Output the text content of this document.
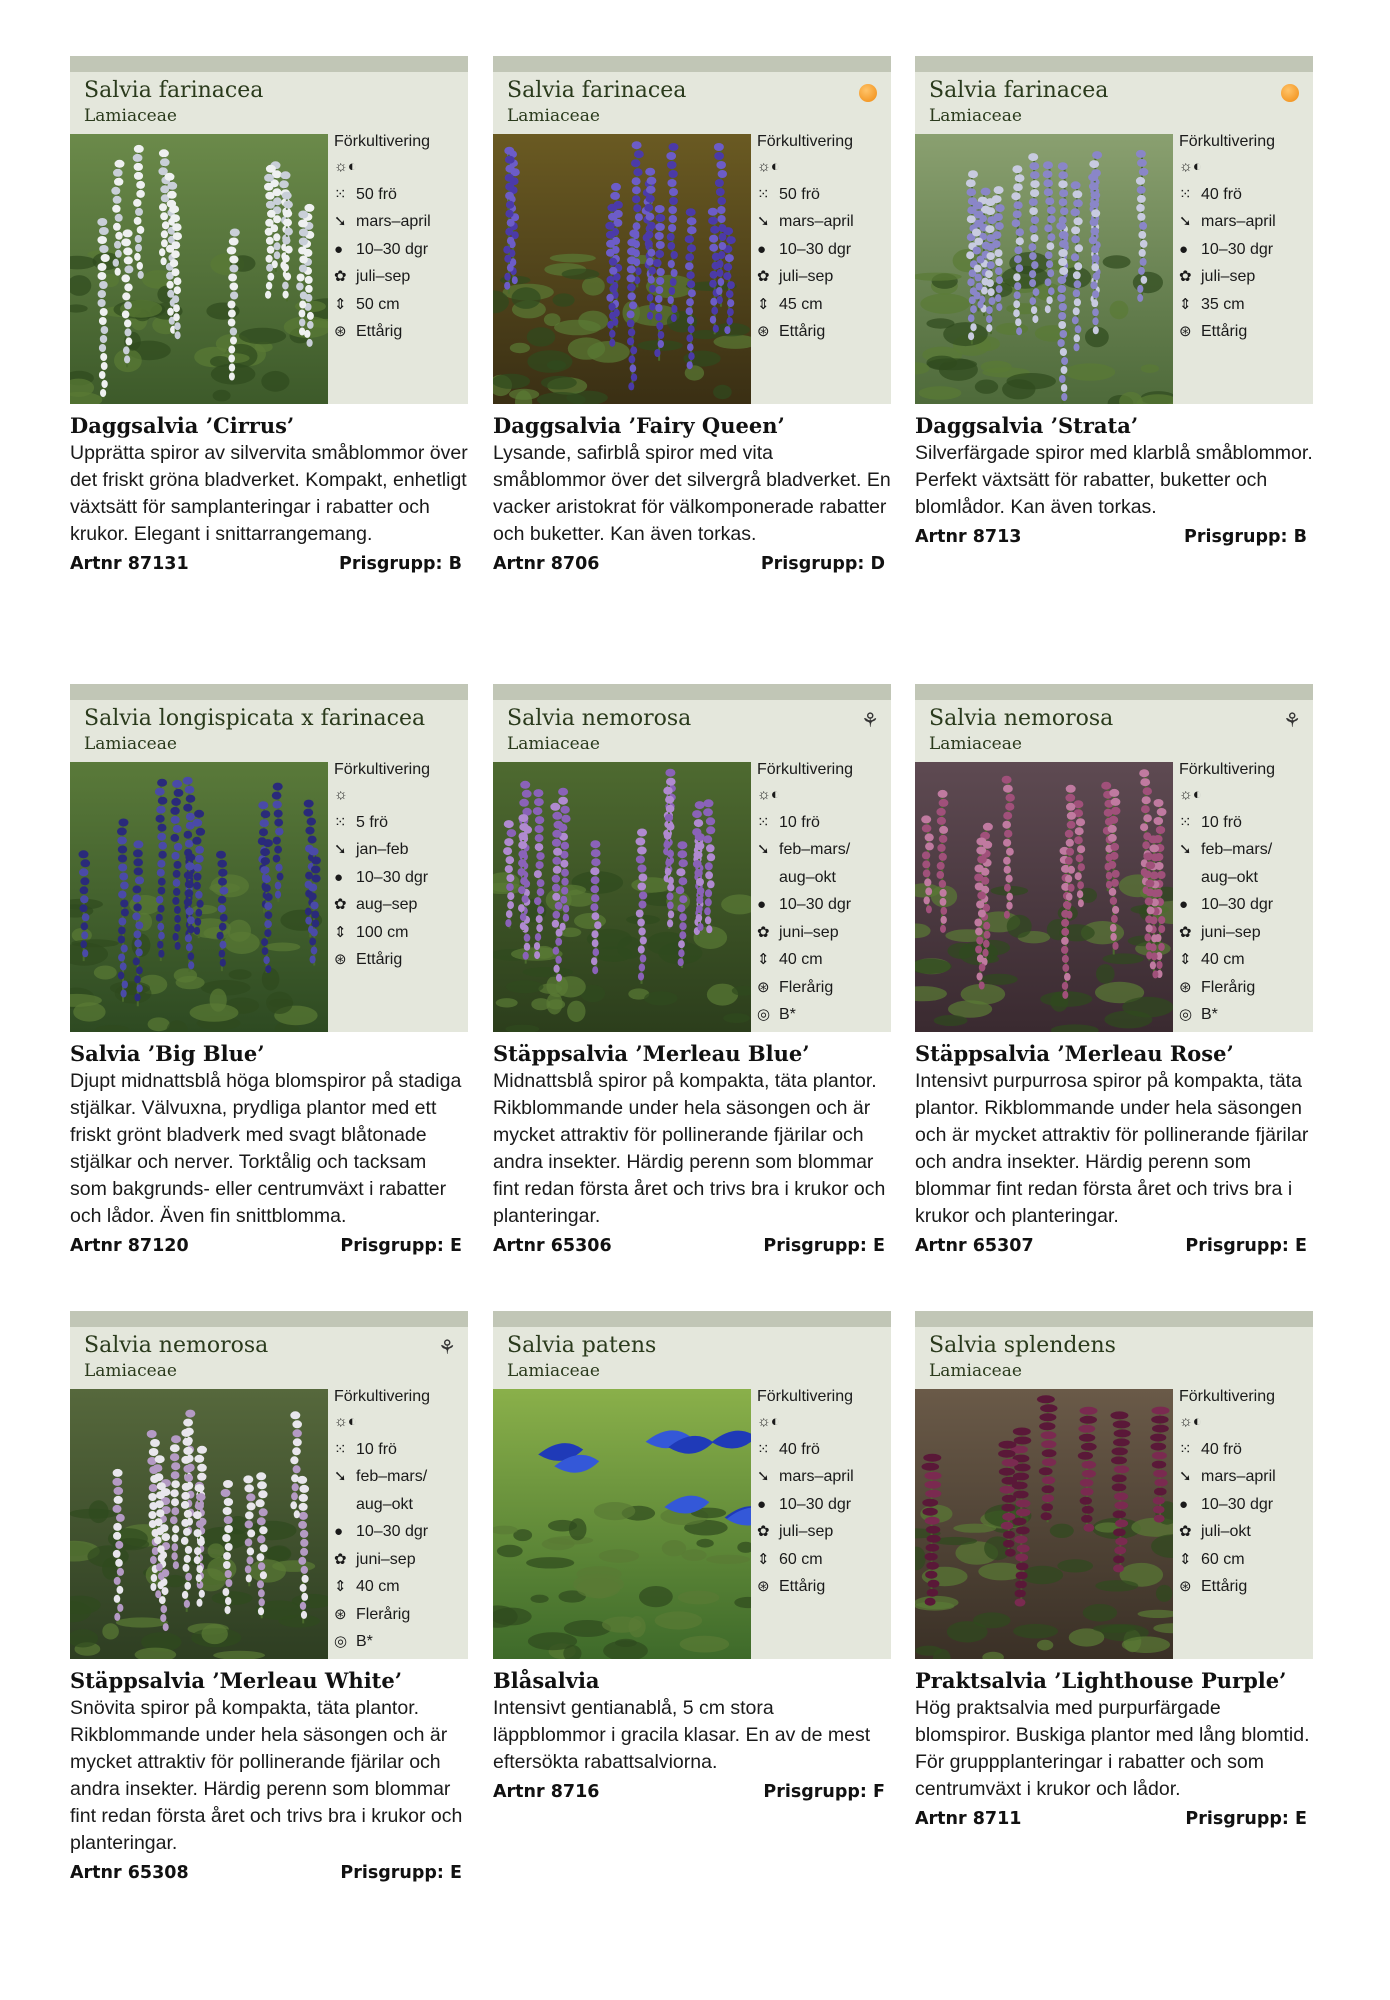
Salvia farinacea
Lamiaceae
Förkultivering
☼◐
⁙ 50 frö
➘ mars–april
● 10–30 dgr
✿ juli–sep
⇕ 50 cm
⊛ Ettårig
Daggsalvia ’Cirrus’
Upprätta spiror av silvervita småblommor över det friskt gröna bladverket. Kompakt, enhetligt växtsätt för samplanteringar i rabatter och krukor. Elegant i snittarrangemang.
Artnr 87131	Prisgrupp: B
Salvia farinacea
Lamiaceae
Förkultivering
☼◐
⁙ 50 frö
➘ mars–april
● 10–30 dgr
✿ juli–sep
⇕ 45 cm
⊛ Ettårig
Daggsalvia ’Fairy Queen’
Lysande, safirblå spiror med vita småblommor över det silvergrå bladverket. En vacker aristokrat för välkomponerade rabatter och buketter. Kan även torkas.
Artnr 8706	Prisgrupp: D
Salvia farinacea
Lamiaceae
Förkultivering
☼◐
⁙ 40 frö
➘ mars–april
● 10–30 dgr
✿ juli–sep
⇕ 35 cm
⊛ Ettårig
Daggsalvia ’Strata’
Silverfärgade spiror med klarblå småblommor. Perfekt växtsätt för rabatter, buketter och blomlådor. Kan även torkas.
Artnr 8713	Prisgrupp: B
Salvia longispicata x farinacea
Lamiaceae
Förkultivering
☼
⁙ 5 frö
➘ jan–feb
● 10–30 dgr
✿ aug–sep
⇕ 100 cm
⊛ Ettårig
Salvia ’Big Blue’
Djupt midnattsblå höga blomspiror på stadiga stjälkar. Välvuxna, prydliga plantor med ett friskt grönt bladverk med svagt blåtonade stjälkar och nerver. Torktålig och tacksam som bakgrunds- eller centrumväxt i rabatter och lådor. Även fin snittblomma.
Artnr 87120	Prisgrupp: E
Salvia nemorosa
Lamiaceae
⚘
Förkultivering
☼◐
⁙ 10 frö
➘ feb–mars/
aug–okt
● 10–30 dgr
✿ juni–sep
⇕ 40 cm
⊛ Flerårig
◎ B*
Stäppsalvia ’Merleau Blue’
Midnattsblå spiror på kompakta, täta plantor. Rikblommande under hela säsongen och är mycket attraktiv för pollinerande fjärilar och andra insekter. Härdig perenn som blommar fint redan första året och trivs bra i krukor och planteringar.
Artnr 65306	Prisgrupp: E
Salvia nemorosa
Lamiaceae
⚘
Förkultivering
☼◐
⁙ 10 frö
➘ feb–mars/
aug–okt
● 10–30 dgr
✿ juni–sep
⇕ 40 cm
⊛ Flerårig
◎ B*
Stäppsalvia ’Merleau Rose’
Intensivt purpurrosa spiror på kompakta, täta plantor. Rikblommande under hela säsongen och är mycket attraktiv för pollinerande fjärilar och andra insekter. Härdig perenn som blommar fint redan första året och trivs bra i krukor och planteringar.
Artnr 65307	Prisgrupp: E
Salvia nemorosa
Lamiaceae
⚘
Förkultivering
☼◐
⁙ 10 frö
➘ feb–mars/
aug–okt
● 10–30 dgr
✿ juni–sep
⇕ 40 cm
⊛ Flerårig
◎ B*
Stäppsalvia ’Merleau White’
Snövita spiror på kompakta, täta plantor. Rikblommande under hela säsongen och är mycket attraktiv för pollinerande fjärilar och andra insekter. Härdig perenn som blommar fint redan första året och trivs bra i krukor och planteringar.
Artnr 65308	Prisgrupp: E
Salvia patens
Lamiaceae
Förkultivering
☼◐
⁙ 40 frö
➘ mars–april
● 10–30 dgr
✿ juli–sep
⇕ 60 cm
⊛ Ettårig
Blåsalvia
Intensivt gentianablå, 5 cm stora läppblommor i gracila klasar. En av de mest eftersökta rabattsalviorna.
Artnr 8716	Prisgrupp: F
Salvia splendens
Lamiaceae
Förkultivering
☼◐
⁙ 40 frö
➘ mars–april
● 10–30 dgr
✿ juli–okt
⇕ 60 cm
⊛ Ettårig
Praktsalvia ’Lighthouse Purple’
Hög praktsalvia med purpurfärgade blomspiror. Buskiga plantor med lång blomtid. För gruppplanteringar i rabatter och som centrumväxt i krukor och lådor.
Artnr 8711	Prisgrupp: E
